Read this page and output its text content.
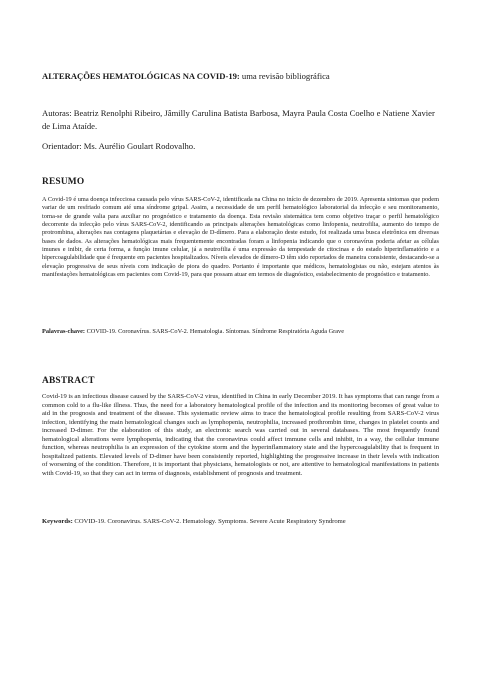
ALTERAÇÕES HEMATOLÓGICAS NA COVID-19: uma revisão bibliográfica
Autoras: Beatriz Renolphi Ribeiro, Jâmilly Carulina Batista Barbosa, Mayra Paula Costa Coelho e Natiene Xavier de Lima Ataíde.
Orientador: Ms. Aurélio Goulart Rodovalho.
RESUMO
A Covid-19 é uma doença infecciosa causada pelo vírus SARS-CoV-2, identificada na China no início de dezembro de 2019. Apresenta sintomas que podem variar de um resfriado comum até uma síndrome gripal. Assim, a necessidade de um perfil hematológico laboratorial da infecção e seu monitoramento, torna-se de grande valia para auxiliar no prognóstico e tratamento da doença. Esta revisão sistemática tem como objetivo traçar o perfil hematológico decorrente da infecção pelo vírus SARS-CoV-2, identificando as principais alterações hematológicas como linfopenia, neutrofilia, aumento do tempo de protrombina, alterações nas contagens plaquetárias e elevação de D-dímero. Para a elaboração deste estudo, foi realizada uma busca eletrônica em diversas bases de dados. As alterações hematológicas mais frequentemente encontradas foram a linfopenia indicando que o coronavírus poderia afetar as células imunes e inibir, de certa forma, a função imune celular, já a neutrofilia é uma expressão da tempestade de citocinas e do estado hiperinflamatório e a hipercoagulabilidade que é frequente em pacientes hospitalizados. Níveis elevados de dímero-D têm sido reportados de maneira consistente, destacando-se a elevação progressiva de seus níveis com indicação de piora do quadro. Portanto é importante que médicos, hematologistas ou não, estejam atentos às manifestações hematológicas em pacientes com Covid-19, para que possam atuar em termos de diagnóstico, estabelecimento de prognóstico e tratamento.
Palavras-chave: COVID-19. Coronavírus. SARS-CoV-2. Hematologia. Síntomas. Síndrome Respiratória Aguda Grave
ABSTRACT
Covid-19 is an infectious disease caused by the SARS-CoV-2 virus, identified in China in early December 2019. It has symptoms that can range from a common cold to a flu-like illness. Thus, the need for a laboratory hematological profile of the infection and its monitoring becomes of great value to aid in the prognosis and treatment of the disease. This systematic review aims to trace the hematological profile resulting from SARS-CoV-2 virus infection, identifying the main hematological changes such as lymphopenia, neutrophilia, increased prothrombin time, changes in platelet counts and increased D-dimer. For the elaboration of this study, an electronic search was carried out in several databases. The most frequently found hematological alterations were lymphopenia, indicating that the coronavirus could affect immune cells and inhibit, in a way, the cellular immune function, whereas neutrophilia is an expression of the cytokine storm and the hyperinflammatory state and the hypercoagulability that is frequent in hospitalized patients. Elevated levels of D-dimer have been consistently reported, highlighting the progressive increase in their levels with indication of worsening of the condition. Therefore, it is important that physicians, hematologists or not, are attentive to hematological manifestations in patients with Covid-19, so that they can act in terms of diagnosis, establishment of prognosis and treatment.
Keywords: COVID-19. Coronavirus. SARS-CoV-2. Hematology. Symptoms. Severe Acute Respiratory Syndrome
